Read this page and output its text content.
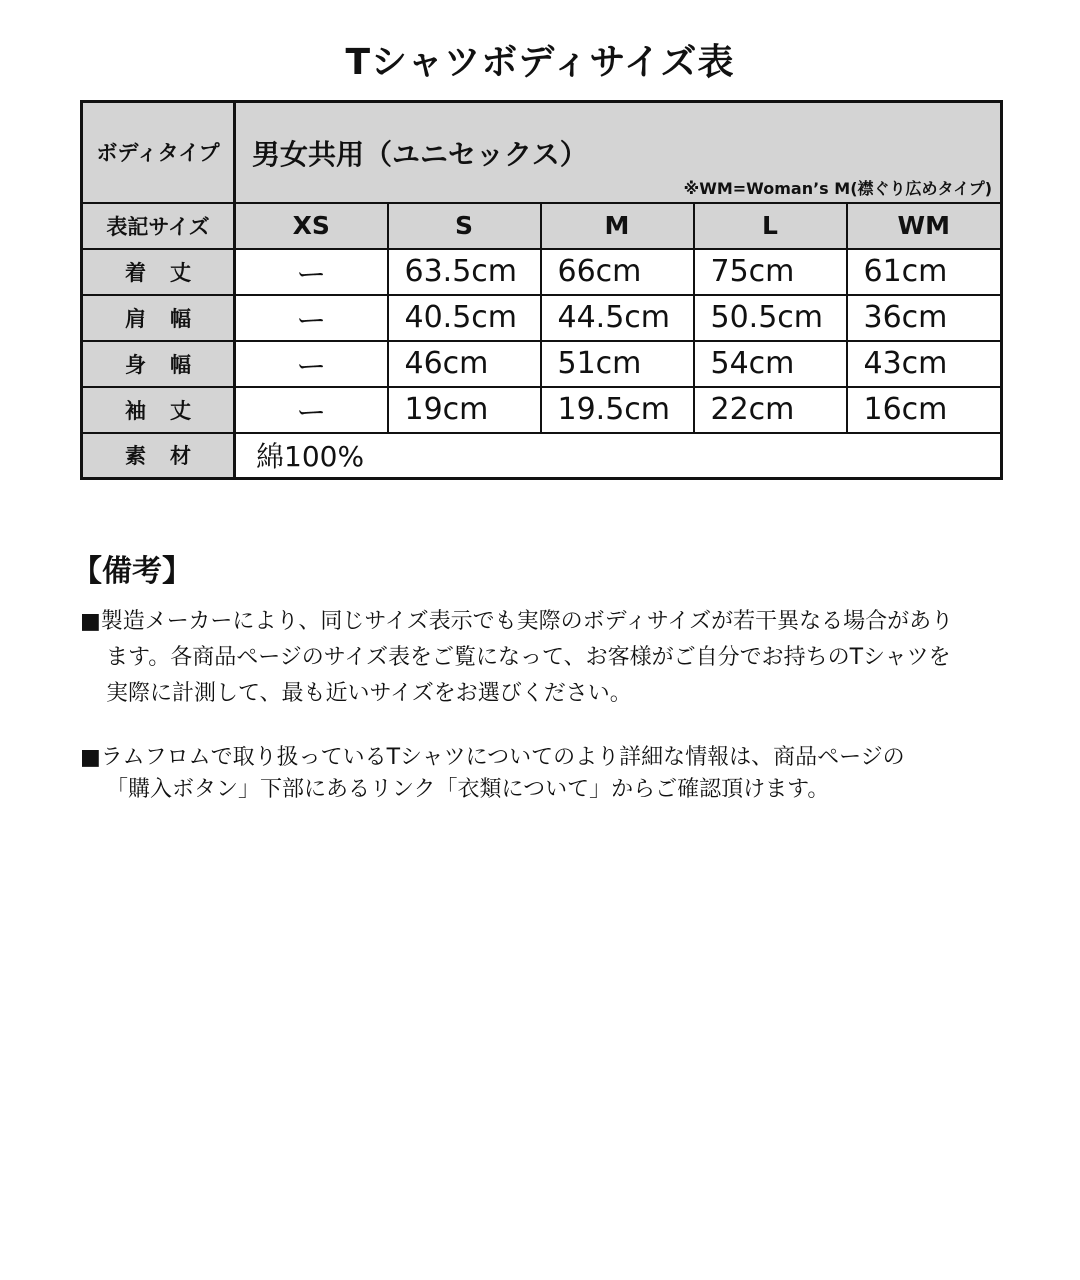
Tシャツボディサイズ表
ボディタイプ	男女共用（ユニセックス）
※WM=Woman’s M(襟ぐり広めタイプ)				

表記サイズ	XS	S	M	L	WM
着丈	ー	63.5cm	66cm	75cm	61cm
肩幅	ー	40.5cm	44.5cm	50.5cm	36cm
身幅	ー	46cm	51cm	54cm	43cm
袖丈	ー	19cm	19.5cm	22cm	16cm
素材	綿100%				
【備考】
■製造メーカーにより、同じサイズ表示でも実際のボディサイズが若干異なる場合があり
ます。各商品ページのサイズ表をご覧になって、お客様がご自分でお持ちのTシャツを
実際に計測して、最も近いサイズをお選びください。
■ラムフロムで取り扱っているTシャツについてのより詳細な情報は、商品ページの
「購入ボタン」下部にあるリンク「衣類について」からご確認頂けます。
